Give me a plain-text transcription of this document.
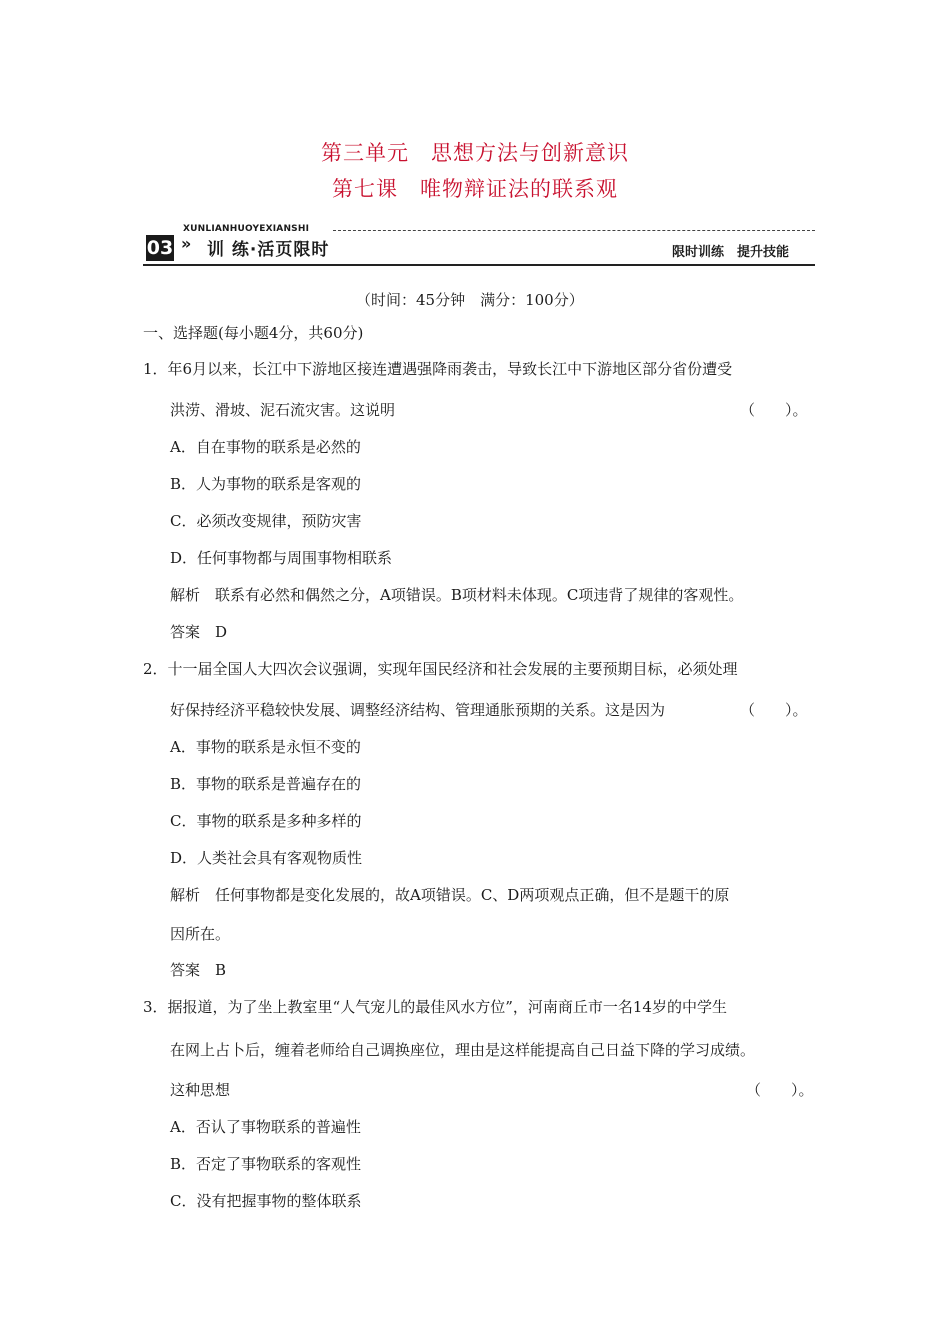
第三单元　思想方法与创新意识
第七课　唯物辩证法的联系观
XUNLIANHUOYEXIANSHI
03 » 训 练·活页限时	限时训练　提升技能
（时间：45分钟　满分：100分）
一、选择题(每小题4分，共60分)
1．年6月以来，长江中下游地区接连遭遇强降雨袭击，导致长江中下游地区部分省份遭受
洪涝、滑坡、泥石流灾害。这说明	（　　）。
A．自在事物的联系是必然的
B．人为事物的联系是客观的
C．必须改变规律，预防灾害
D．任何事物都与周围事物相联系
解析　联系有必然和偶然之分，A项错误。B项材料未体现。C项违背了规律的客观性。
答案　D
2．十一届全国人大四次会议强调，实现年国民经济和社会发展的主要预期目标，必须处理
好保持经济平稳较快发展、调整经济结构、管理通胀预期的关系。这是因为	（　　）。
A．事物的联系是永恒不变的
B．事物的联系是普遍存在的
C．事物的联系是多种多样的
D．人类社会具有客观物质性
解析　任何事物都是变化发展的，故A项错误。C、D两项观点正确，但不是题干的原
因所在。
答案　B
3．据报道，为了坐上教室里“人气宠儿的最佳风水方位”，河南商丘市一名14岁的中学生
在网上占卜后，缠着老师给自己调换座位，理由是这样能提高自己日益下降的学习成绩。
这种思想	（　　）。
A．否认了事物联系的普遍性
B．否定了事物联系的客观性
C．没有把握事物的整体联系
